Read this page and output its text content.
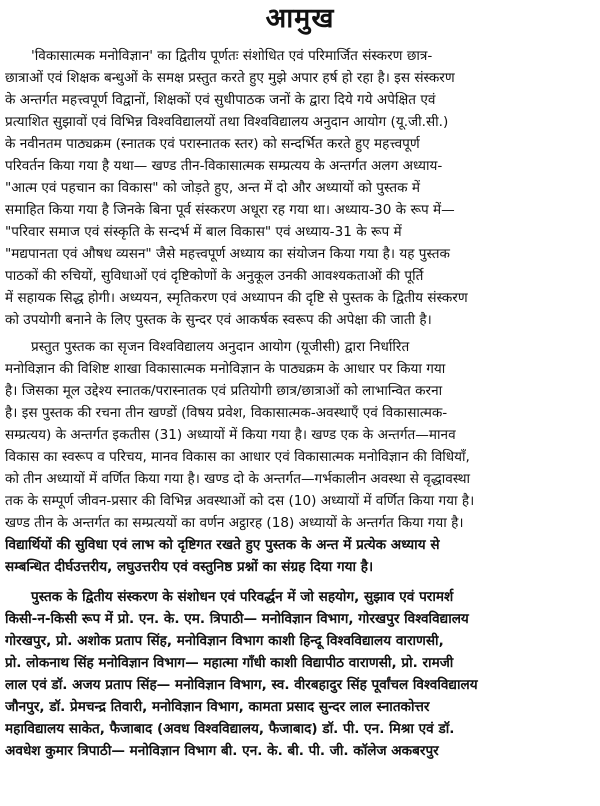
आमुख

'विकासात्मक मनोविज्ञान' का द्वितीय पूर्णतः संशोधित एवं परिमार्जित संस्करण छात्र-
छात्राओं एवं शिक्षक बन्धुओं के समक्ष प्रस्तुत करते हुए मुझे अपार हर्ष हो रहा है। इस संस्करण
के अन्तर्गत महत्त्वपूर्ण विद्वानों, शिक्षकों एवं सुधीपाठक जनों के द्वारा दिये गये अपेक्षित एवं
प्रत्याशित सुझावों एवं विभिन्न विश्वविद्यालयों तथा विश्वविद्यालय अनुदान आयोग (यू.जी.सी.)
के नवीनतम पाठ्यक्रम (स्नातक एवं परास्नातक स्तर) को सन्दर्भित करते हुए महत्त्वपूर्ण
परिवर्तन किया गया है यथा— खण्ड तीन-विकासात्मक सम्प्रत्यय के अन्तर्गत अलग अध्याय-
"आत्म एवं पहचान का विकास" को जोड़ते हुए, अन्त में दो और अध्यायों को पुस्तक में
समाहित किया गया है जिनके बिना पूर्व संस्करण अधूरा रह गया था। अध्याय-30 के रूप में—
"परिवार समाज एवं संस्कृति के सन्दर्भ में बाल विकास" एवं अध्याय-31 के रूप में
"मद्यपानता एवं औषध व्यसन" जैसे महत्त्वपूर्ण अध्याय का संयोजन किया गया है। यह पुस्तक
पाठकों की रुचियों, सुविधाओं एवं दृष्टिकोणों के अनुकूल उनकी आवश्यकताओं की पूर्ति
में सहायक सिद्ध होगी। अध्ययन, स्मृतिकरण एवं अध्यापन की दृष्टि से पुस्तक के द्वितीय संस्करण
को उपयोगी बनाने के लिए पुस्तक के सुन्दर एवं आकर्षक स्वरूप की अपेक्षा की जाती है।

प्रस्तुत पुस्तक का सृजन विश्वविद्यालय अनुदान आयोग (यूजीसी) द्वारा निर्धारित
मनोविज्ञान की विशिष्ट शाखा विकासात्मक मनोविज्ञान के पाठ्यक्रम के आधार पर किया गया
है। जिसका मूल उद्देश्य स्नातक/परास्नातक एवं प्रतियोगी छात्र/छात्राओं को लाभान्वित करना
है। इस पुस्तक की रचना तीन खण्डों (विषय प्रवेश, विकासात्मक-अवस्थाएँ एवं विकासात्मक-
सम्प्रत्यय) के अन्तर्गत इकतीस (31) अध्यायों में किया गया है। खण्ड एक के अन्तर्गत—मानव
विकास का स्वरूप व परिचय, मानव विकास का आधार एवं विकासात्मक मनोविज्ञान की विधियाँ,
को तीन अध्यायों में वर्णित किया गया है। खण्ड दो के अन्तर्गत—गर्भकालीन अवस्था से वृद्धावस्था
तक के सम्पूर्ण जीवन-प्रसार की विभिन्न अवस्थाओं को दस (10) अध्यायों में वर्णित किया गया है।
खण्ड तीन के अन्तर्गत का सम्प्रत्ययों का वर्णन अट्ठारह (18) अध्यायों के अन्तर्गत किया गया है।
विद्यार्थियों की सुविधा एवं लाभ को दृष्टिगत रखते हुए पुस्तक के अन्त में प्रत्येक अध्याय से
सम्बन्धित दीर्घउत्तरीय, लघुउत्तरीय एवं वस्तुनिष्ठ प्रश्नों का संग्रह दिया गया है।

पुस्तक के द्वितीय संस्करण के संशोधन एवं परिवर्द्धन में जो सहयोग, सुझाव एवं परामर्श
किसी-न-किसी रूप में प्रो. एन. के. एम. त्रिपाठी— मनोविज्ञान विभाग, गोरखपुर विश्वविद्यालय
गोरखपुर, प्रो. अशोक प्रताप सिंह, मनोविज्ञान विभाग काशी हिन्दू विश्वविद्यालय वाराणसी,
प्रो. लोकनाथ सिंह मनोविज्ञान विभाग— महात्मा गाँधी काशी विद्यापीठ वाराणसी, प्रो. रामजी
लाल एवं डॉ. अजय प्रताप सिंह— मनोविज्ञान विभाग, स्व. वीरबहादुर सिंह पूर्वांचल विश्वविद्यालय
जौनपुर, डॉ. प्रेमचन्द्र तिवारी, मनोविज्ञान विभाग, कामता प्रसाद सुन्दर लाल स्नातकोत्तर
महाविद्यालय साकेत, फैजाबाद (अवध विश्वविद्यालय, फैजाबाद) डॉ. पी. एन. मिश्रा एवं डॉ.
अवधेश कुमार त्रिपाठी— मनोविज्ञान विभाग बी. एन. के. बी. पी. जी. कॉलेज अकबरपुर
